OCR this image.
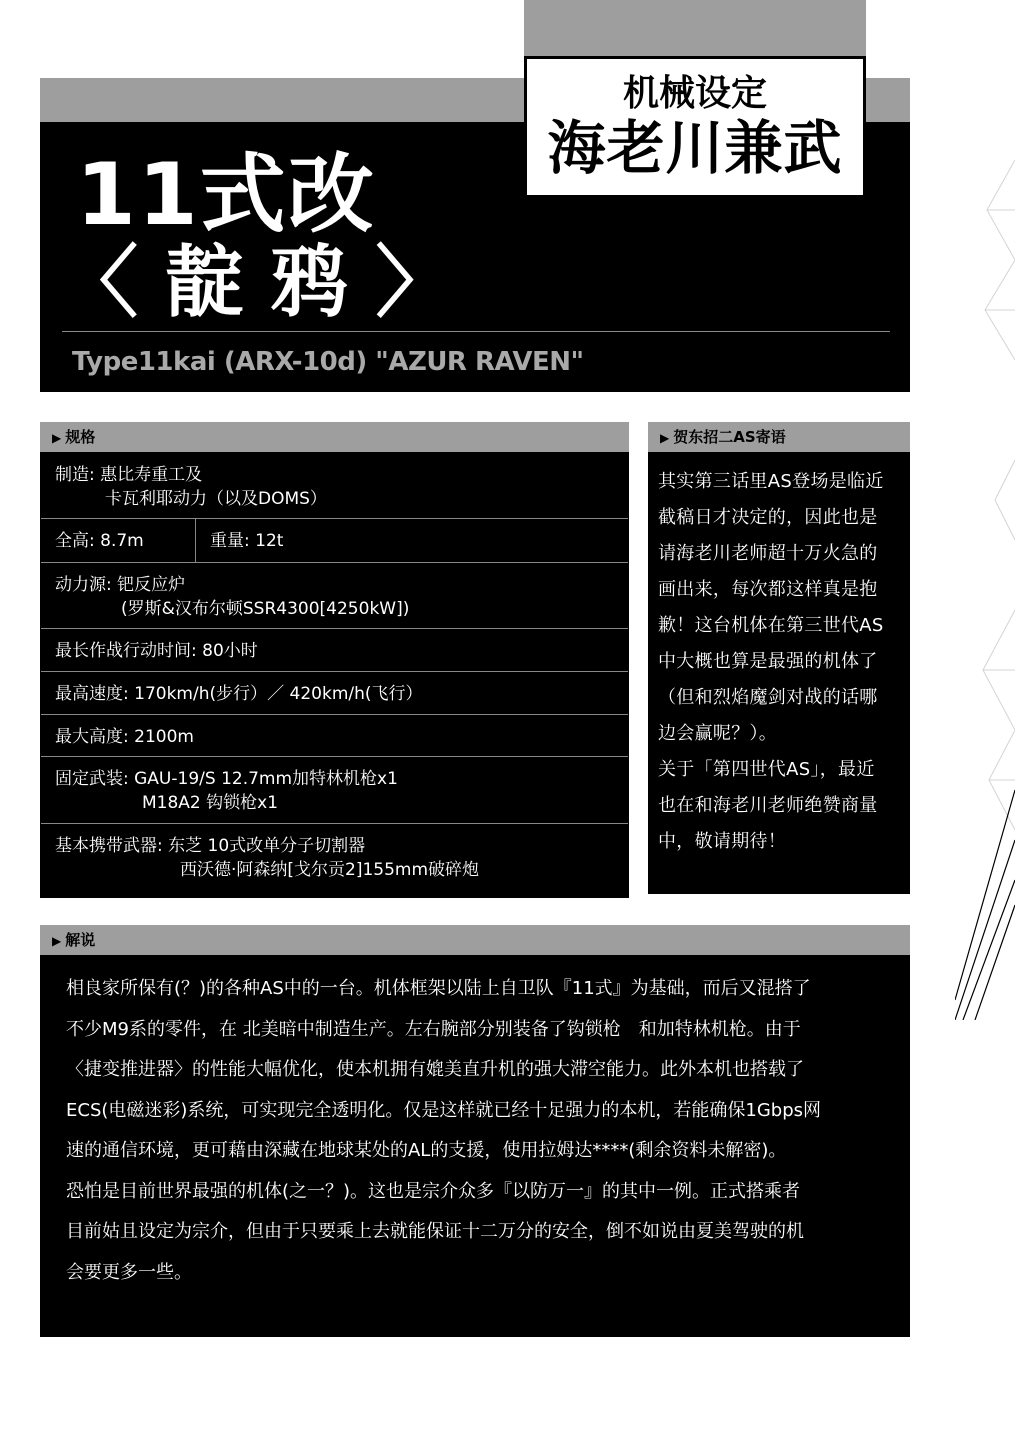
11式改
〈 靛 鸦 〉
Type11kai (ARX-10d) "AZUR RAVEN"
机械设定
海老川兼武
▶ 规格
制造: 惠比寿重工及
卡瓦利耶动力（以及DOMS）
全高: 8.7m	重量: 12t
动力源: 钯反应炉
(罗斯&汉布尔顿SSR4300[4250kW])
最长作战行动时间: 80小时
最高速度: 170km/h(步行）／ 420km/h(飞行）
最大高度: 2100m
固定武装: GAU-19/S 12.7mm加特林机枪x1
M18A2 钩锁枪x1
基本携带武器: 东芝 10式改单分子切割器
西沃德·阿森纳[戈尔贡2]155mm破碎炮
▶ 贺东招二AS寄语

其实第三话里AS登场是临近

截稿日才决定的，因此也是

请海老川老师超十万火急的

画出来，每次都这样真是抱

歉！这台机体在第三世代AS

中大概也算是最强的机体了

（但和烈焰魔剑对战的话哪

边会赢呢？）。

关于「第四世代AS」，最近

也在和海老川老师绝赞商量

中，敬请期待！

▶ 解说

相良家所保有(？)的各种AS中的一台。机体框架以陆上自卫队『11式』为基础，而后又混搭了

不少M9系的零件，在 北美暗中制造生产。左右腕部分别装备了钩锁枪　和加特林机枪。由于

〈捷变推进器〉的性能大幅优化，使本机拥有媲美直升机的强大滞空能力。此外本机也搭载了

ECS(电磁迷彩)系统，可实现完全透明化。仅是这样就已经十足强力的本机，若能确保1Gbps网

速的通信环境，更可藉由深藏在地球某处的AL的支援，使用拉姆达****(剩余资料未解密)。

恐怕是目前世界最强的机体(之一？)。这也是宗介众多『以防万一』的其中一例。正式搭乘者

目前姑且设定为宗介，但由于只要乘上去就能保证十二万分的安全，倒不如说由夏美驾驶的机

会要更多一些。
